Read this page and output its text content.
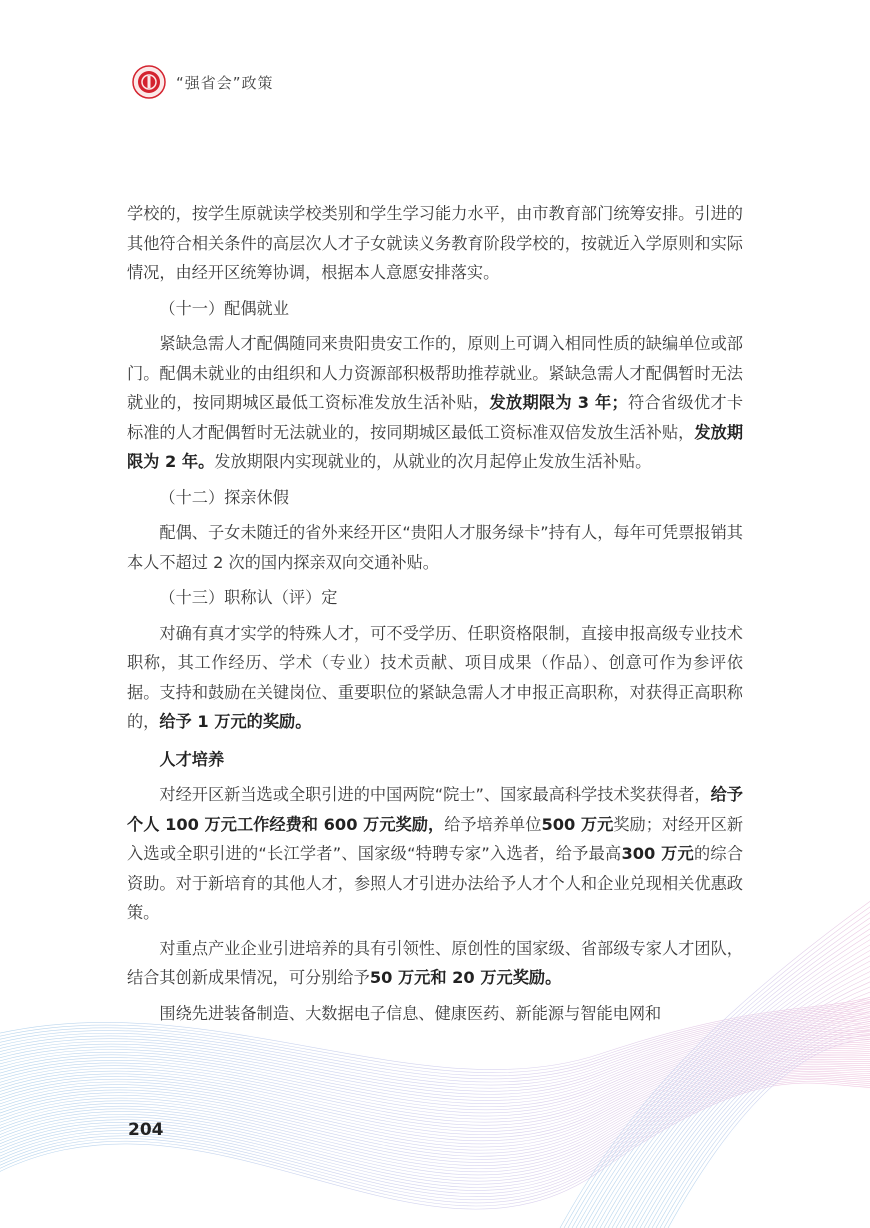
“强省会”政策

学校的，按学生原就读学校类别和学生学习能力水平，由市教育部门统筹安排。引进的其他符合相关条件的高层次人才子女就读义务教育阶段学校的，按就近入学原则和实际情况，由经开区统筹协调，根据本人意愿安排落实。

（十一）配偶就业

紧缺急需人才配偶随同来贵阳贵安工作的，原则上可调入相同性质的缺编单位或部门。配偶未就业的由组织和人力资源部积极帮助推荐就业。紧缺急需人才配偶暂时无法就业的，按同期城区最低工资标准发放生活补贴，发放期限为 3 年；符合省级优才卡标准的人才配偶暂时无法就业的，按同期城区最低工资标准双倍发放生活补贴，发放期限为 2 年。发放期限内实现就业的，从就业的次月起停止发放生活补贴。

（十二）探亲休假

配偶、子女未随迁的省外来经开区“贵阳人才服务绿卡”持有人，每年可凭票报销其本人不超过 2 次的国内探亲双向交通补贴。

（十三）职称认（评）定

对确有真才实学的特殊人才，可不受学历、任职资格限制，直接申报高级专业技术职称，其工作经历、学术（专业）技术贡献、项目成果（作品）、创意可作为参评依据。支持和鼓励在关键岗位、重要职位的紧缺急需人才申报正高职称，对获得正高职称的，给予 1 万元的奖励。

人才培养

对经开区新当选或全职引进的中国两院“院士”、国家最高科学技术奖获得者，给予个人 100 万元工作经费和 600 万元奖励，给予培养单位500 万元奖励；对经开区新入选或全职引进的“长江学者”、国家级“特聘专家”入选者，给予最高300 万元的综合资助。对于新培育的其他人才，参照人才引进办法给予人才个人和企业兑现相关优惠政策。

对重点产业企业引进培养的具有引领性、原创性的国家级、省部级专家人才团队，结合其创新成果情况，可分别给予50 万元和 20 万元奖励。

围绕先进装备制造、大数据电子信息、健康医药、新能源与智能电网和

204
